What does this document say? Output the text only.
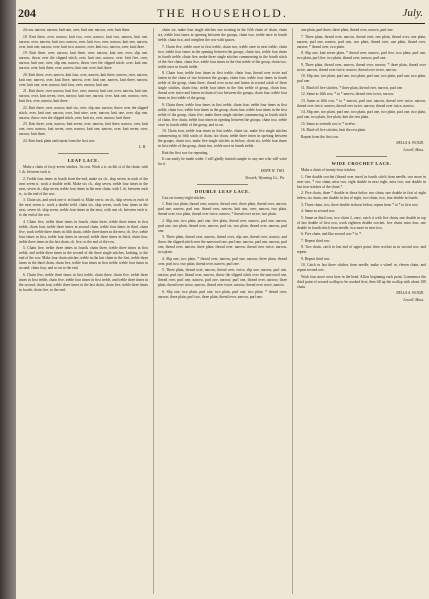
204	THE HOUSEHOLD.	July.

2d row, narrow, narrow, knit one, over, knit one, narrow, over, knit three.

18. Knit three, over, narrow, knit two, over, narrow, knit two, narrow, knit one, narrow, over, narrow, knit two, narrow, over, knit two, over, narrow, knit one, narrow, over, knit one, narrow, over, knit two, narrow, over, knit two, narrow, over, knit three.

19. Knit three, over, narrow, knit three, over, narrow, knit one, over, slip one, narrow, throw over the slipped stitch, over, knit one, narrow, over, knit five, over, narrow, knit one, over, slip one, narrow, throw over the slipped stitch, over, knit one, narrow, over, knit three, over, narrow, knit one, over, knit three.

20. Knit three, over, narrow, knit four, over, narrow, knit three, narrow, over, narrow, knit one, narrow, over, knit three, narrow, over, knit one, narrow, knit three, narrow, over, knit one, over, narrow, knit four, over, narrow, knit one.

21. Knit three, over narrow, knit five, over, narrow, knit one, over, narrow, knit one, narrow, over, knit seven, over, narrow, knit one, narrow, over, knit one, narrow, over, knit five, over, narrow, knit three.

22. Knit three, over, narrow, knit six, over, slip one, narrow, throw over the slipped stitch, over, knit one, narrow, over, knit nine, over, narrow, knit one, over, slip one, narrow, throw over the slipped stitch, over, knit six, over, narrow, knit three.

23. Knit three, over, narrow, knit seven, over, narrow, knit three, narrow, over, knit one, over, narrow, knit seven, over, narrow, knit one, narrow, over, knit seven, over, narrow, knit three.

24. Knit back plain and repeat from the first row.

L. B.
LEAF LACE.

Make a chain of forty-seven stitches. 1st row. Work a tr. on 4th st of the chain, with 1 ch. between each tr.

2. Treble four times in fourth from the end, make six ch., skip seven, in each of the next seven tr. work a double trebl. Make six ch., skip seven, treble four times in the next, seven ch., skip seven, treble four times in the next chain, with 1 ch. between each tr., to the end of the row.

3. Chain six, and work one tr. in fourth st. Make one tr. on ch., skip seven, in each of the next seven tr. work a double trebl. chain six, skip seven, work four times in the next, seven ch. skip seven, treble four times in the next, with one ch. between each tr. to the end of the row.

4. Chain five, treble three times in fourth, chain three, treble three times in first treble, chain four, treble three times in second chain, treble four times in third, chain five, work treble three times in fifth chain, treble three times in the next, ch. five, treble four times in first, treble four times in second, treble three times in third, chain four, treble three times in the last chain, ch. five, to the end of the row.

5. Chain five, treble three times in fourth, chain three, treble three times in first treble, and treble three times in the second of the three single stitches, knitting, to the end of the row. Make four chain stitches, treble in the last chain in the first, treble three times in the third chain, chain five, treble four times in first treble, treble four times in second, chain four, and so on to the end.

6. Chain five, treble three times in first treble, chain three, chain five, treble three times in first treble, chain five, treble four times in first treble, and treble three times in the second, chain four, treble three times in the last chain, chain five, treble three times in fourth, chain five, to the end.

chain six, make four single stitches one twisting in the fifth chain of chain, chain six, treble four times in opening between the groups, chain two, treble once in fourth treble, chain two, and complete the row with spaces.

7. Chain five, treble once in first treble, chain two, treble once in next treble, chain two, treble four times in the opening between the groups, chain two, treble four times in fourth treble, chain five, make three single stitches commencing in the fourth stitch of the five chain, chain five, treble four times in the first treble of the group, chain two, treble once in fourth treble.

8. Chain four, treble four times in first treble, chain four, thread over twice and fasten in the chain of two between the groups, chain four, treble four times in fourth treble of the group, chain three, thread over twice and fasten in second stitch of three single stitches, chain four, treble four times in the first treble of group, chain four, thread over twice and fasten in chain of two between the groups, chain four, treble four times in first treble of the group.

9. Chain three, treble four times in first treble, chain four, treble four times in first treble, chain two, treble four times in the group, chain four, treble four times in the first treble of the group, chain five, make three single stitches commencing in fourth stitch of chain, five chain, treble four times in opening between the groups, chain two, treble once in fourth treble of the group, and so on.

10. Chain four, treble four times in first treble, chain six, make five single stitches commencing in fifth stitch of chain, six chain, treble three times in opening between the groups, chain two, make five single stitches as before, chain six, treble four times in first treble of the group, chain two, treble once in fourth treble.

Knit the first row for repeating.

It can easily be made wider. I will gladly furnish sample to any one who will write for it.

HOPE W. TWO.
Newark, Wyoming Co., Pa.
DOUBLE LEAF LACE.

Cast on twenty-eight stitches.

1. Knit two plain, thread over, narrow, thread over, three plain, thread over, narrow, purl one, narrow, purl one, thread over, narrow, knit one, over, narrow, two plain, thread over, two plain, thread over twice, narrow, * thread over twice, two plain.

2. Slip one, two plain, purl one, five plain, thread over, narrow, purl one, narrow, purl one, two plain, thread over, narrow, purl six, two plain, thread over, narrow, purl one.

3. Three plain, thread over, narrow, thread over, slip one, thread over, narrow, and throw the slipped stitch over the narrowed one, purl one, narrow, purl one, narrow, purl one, thread over, narrow, three plain, thread over, narrow, thread over twice, narrow, two plain.

4. Slip one, two plain, * thread over, narrow, purl one, narrow, three plain, thread over, purl two, two plain, thread over, narrow, purl one.

5. Three plain, thread over, narrow, thread over, twice, slip one, narrow, purl one, narrow, purl one, thread over, narrow, throw the slipped stitch over the narrowed one, thread over, purl one, narrow, purl one, narrow, purl one, thread over, narrow, three plain, thread over twice, narrow, thread over twice, narrow, thread over twice, narrow.

6. Slip one, two plain, purl one, two plain, purl one, two plain, * thread over, narrow, three plain, purl two, three plain, thread over, narrow, purl one.

one plain, purl three, three plain, thread over, narrow, purl one.

7. Three plain, thread over, narrow, thread over, one plain, thread over, one plain, narrow, purl one, narrow, purl one, two plain, thread over, one plain, thread over, narrow, * thread over, two plain.

8. Slip one, knit seven plain, * thread over, narrow, purl five, two plain, purl one, two plain, purl five, two plain, thread over, narrow, purl one.

9. Three plain, thread over, narrow, thread over, narrow, * three plain, thread over twice, narrow, thread over twice, narrow, thread over twice, narrow.

10. Slip one, two plain, purl one, two plain, purl one, two plain, purl one, two plain, purl one.

11. Bind off five stitches, * three plain, thread over, narrow, purl one.

12. Same as fifth row, * to * narrow, thread over twice, narrow.

13. Same as fifth row, * to * narrow, purl one, narrow, thread over twice, narrow, thread over twice, narrow, thread over twice, narrow, thread over twice, narrow.

14. Slip one, two plain, purl one, two plain, purl one, two plain, purl one, two plain, purl one, two plain, five plain, knit the rest plain.

15. Same as seventh row to * twelve.

16. Bind off five stitches, knit the rest plain.

Repeat from the first row.

NELLA A. WOOD.
Lowell, Mass.
WIDE CROCHET LACE.

Make a chain of twenty-four stitches.

1. One double crochet (thread over once) in fourth stitch from needle, two more in next two, * two chain, miss two, eight double in next eight, miss two, one double in last four stitches of the chain *.

2. Five chain, three * double in those below two chain, one double in first of eight below, six chain, one double in last of eight, two chain, two, four double in fourth.

3. Three chain, two, three double in those below; repeat from * to * to first row.

4. Same as second row.

5. Same as third row, two chain 2, once, catch it with five chain, one double in top of last double of first row, work eighteen double crochet, five chain, miss four, one double in fourth stitch from needle, two more in next two.

6. Five chain, and like second row * to *.

7. Repeat third row.

8. Two chain, catch in last end of upper point, then crochet as in second row, and repeat.

9. Repeat third row.

10. Catch in last three stitches from needle, make a wheel in, eleven chain, and repeat second row.

Work four more rows here in the head. Allow beginning each point. Commence the third point of second scallop to be worked first; then fill up the scallop with about 100 chain.

NELLA A. WOOD.
Lowell, Mass.
